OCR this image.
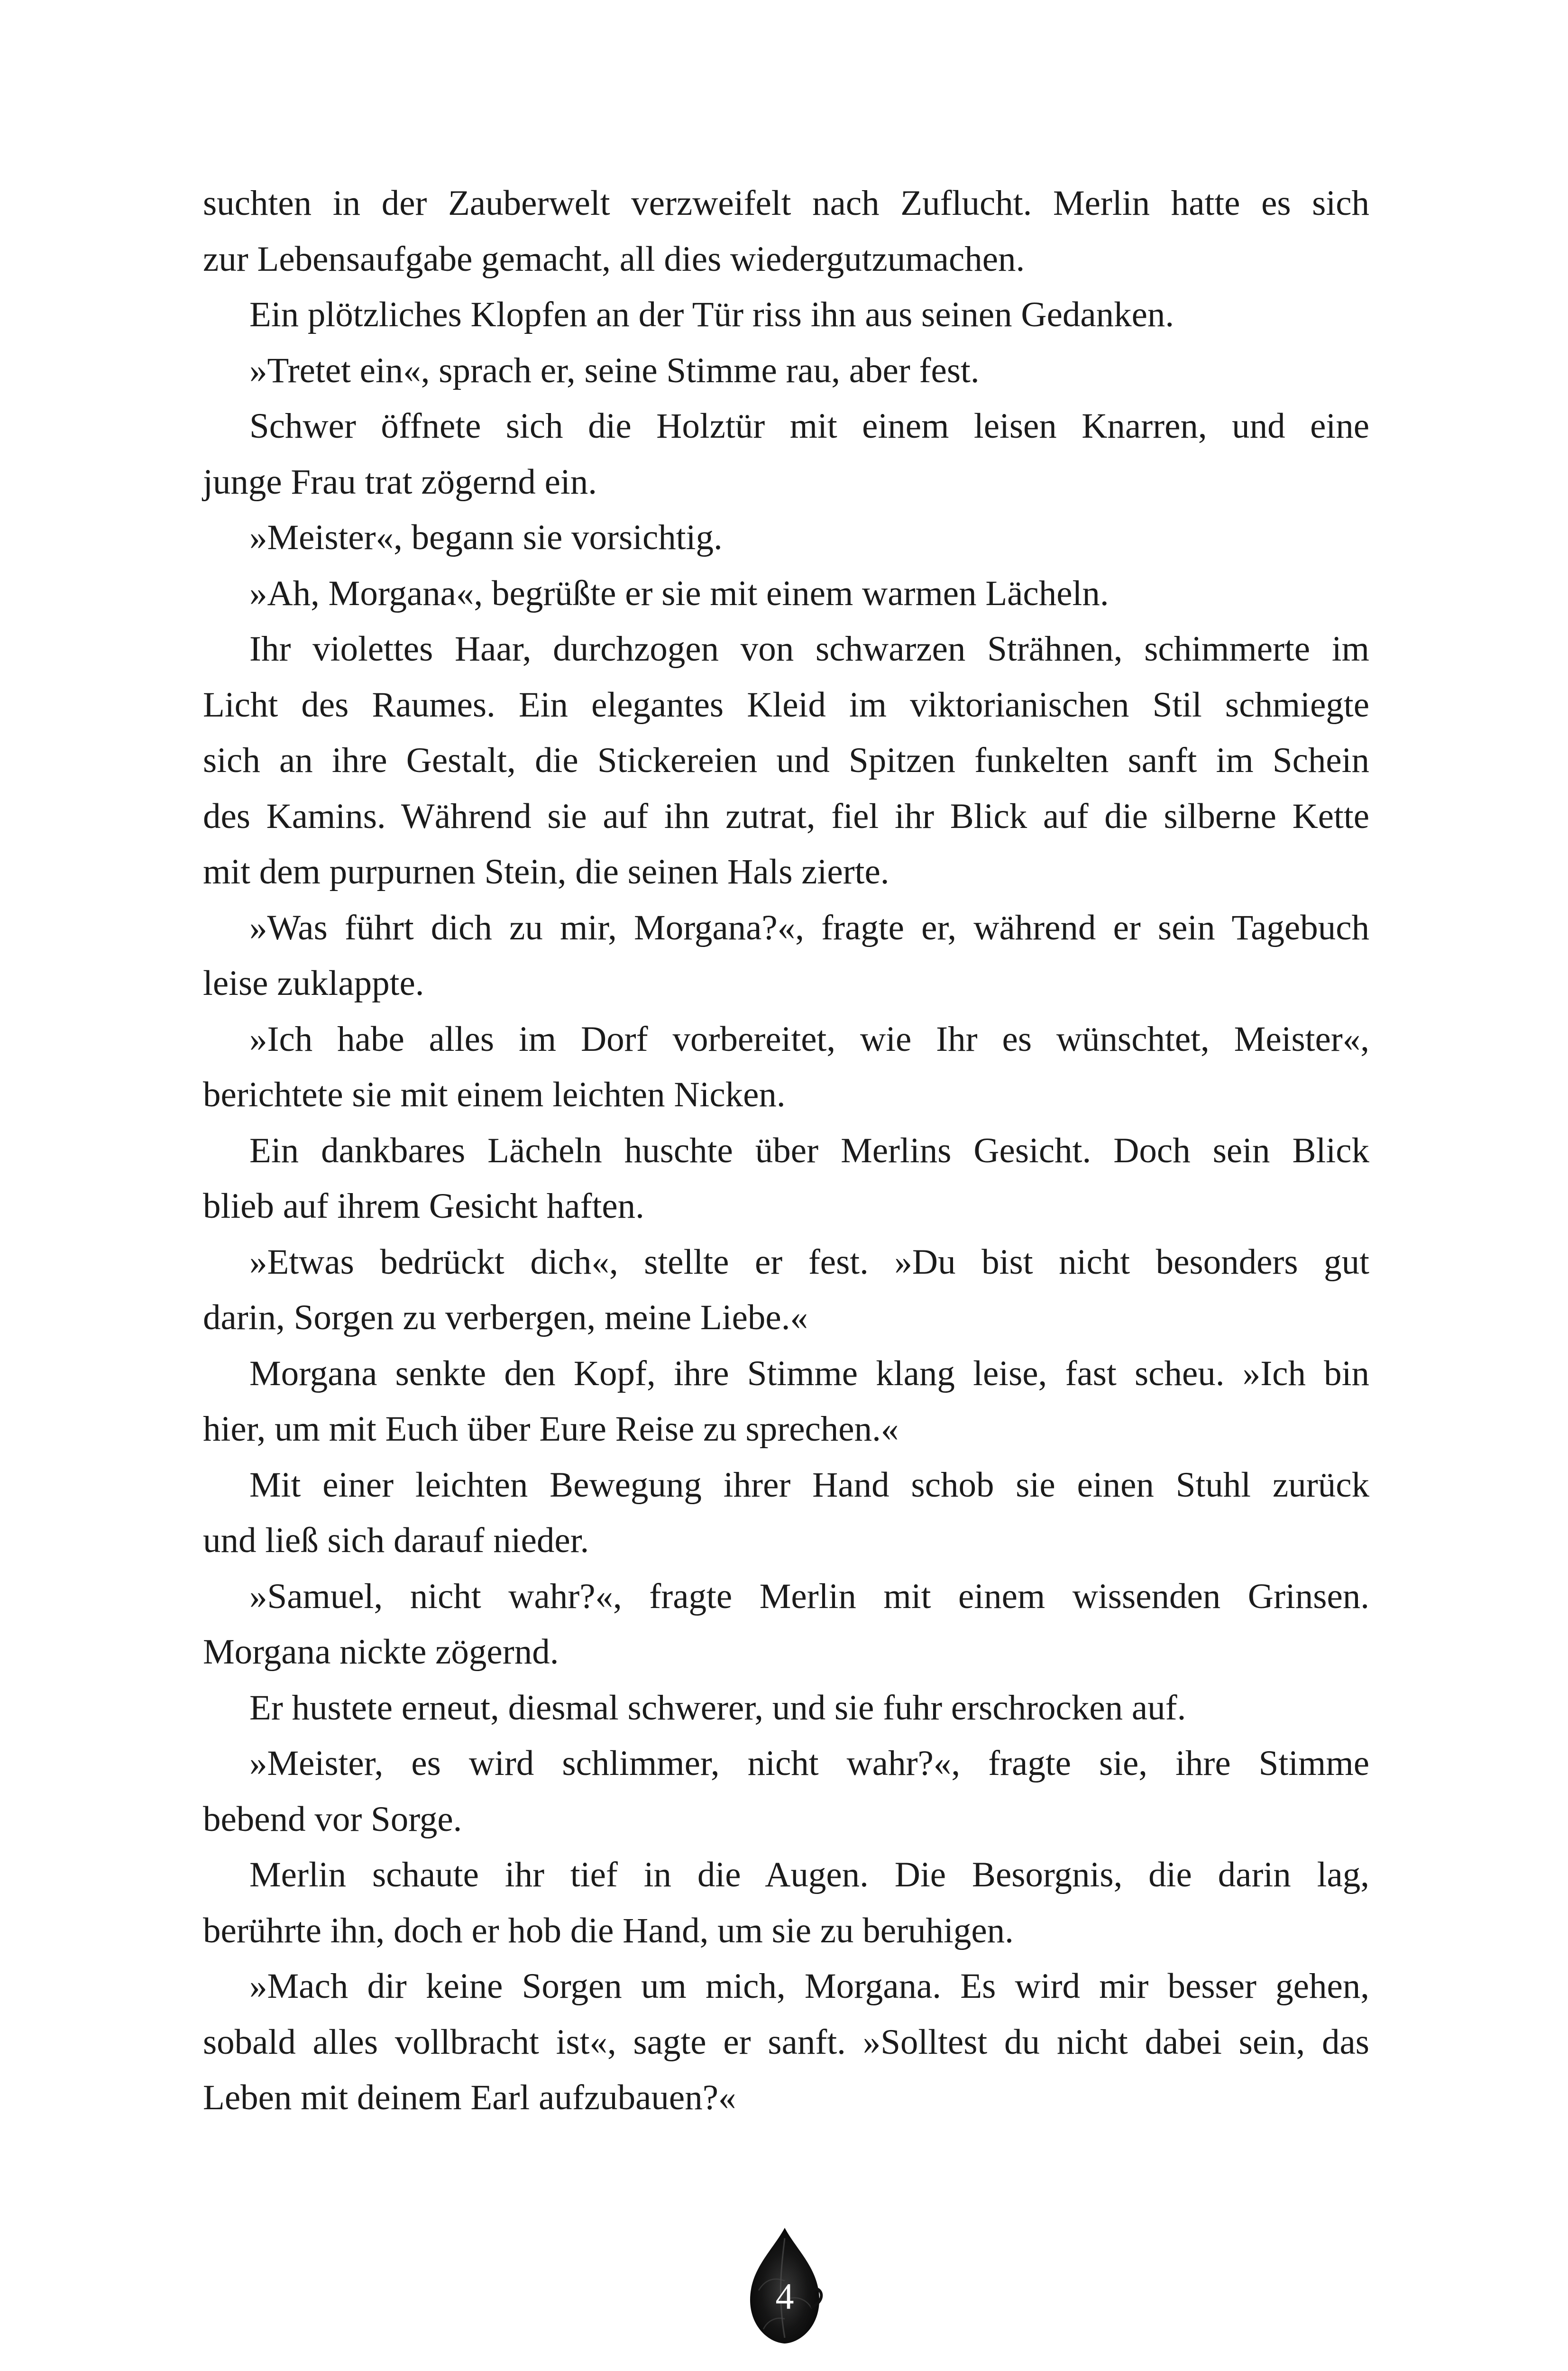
suchten in der Zauberwelt verzweifelt nach Zuflucht. Merlin hatte es sich
zur Lebensaufgabe gemacht, all dies wiedergutzumachen.
Ein plötzliches Klopfen an der Tür riss ihn aus seinen Gedanken.
»Tretet ein«, sprach er, seine Stimme rau, aber fest.
Schwer öffnete sich die Holztür mit einem leisen Knarren, und eine
junge Frau trat zögernd ein.
»Meister«, begann sie vorsichtig.
»Ah, Morgana«, begrüßte er sie mit einem warmen Lächeln.
Ihr violettes Haar, durchzogen von schwarzen Strähnen, schimmerte im
Licht des Raumes. Ein elegantes Kleid im viktorianischen Stil schmiegte
sich an ihre Gestalt, die Stickereien und Spitzen funkelten sanft im Schein
des Kamins. Während sie auf ihn zutrat, fiel ihr Blick auf die silberne Kette
mit dem purpurnen Stein, die seinen Hals zierte.
»Was führt dich zu mir, Morgana?«, fragte er, während er sein Tagebuch
leise zuklappte.
»Ich habe alles im Dorf vorbereitet, wie Ihr es wünschtet, Meister«,
berichtete sie mit einem leichten Nicken.
Ein dankbares Lächeln huschte über Merlins Gesicht. Doch sein Blick
blieb auf ihrem Gesicht haften.
»Etwas bedrückt dich«, stellte er fest. »Du bist nicht besonders gut
darin, Sorgen zu verbergen, meine Liebe.«
Morgana senkte den Kopf, ihre Stimme klang leise, fast scheu. »Ich bin
hier, um mit Euch über Eure Reise zu sprechen.«
Mit einer leichten Bewegung ihrer Hand schob sie einen Stuhl zurück
und ließ sich darauf nieder.
»Samuel, nicht wahr?«, fragte Merlin mit einem wissenden Grinsen.
Morgana nickte zögernd.
Er hustete erneut, diesmal schwerer, und sie fuhr erschrocken auf.
»Meister, es wird schlimmer, nicht wahr?«, fragte sie, ihre Stimme
bebend vor Sorge.
Merlin schaute ihr tief in die Augen. Die Besorgnis, die darin lag,
berührte ihn, doch er hob die Hand, um sie zu beruhigen.
»Mach dir keine Sorgen um mich, Morgana. Es wird mir besser gehen,
sobald alles vollbracht ist«, sagte er sanft. »Solltest du nicht dabei sein, das
Leben mit deinem Earl aufzubauen?«
4
